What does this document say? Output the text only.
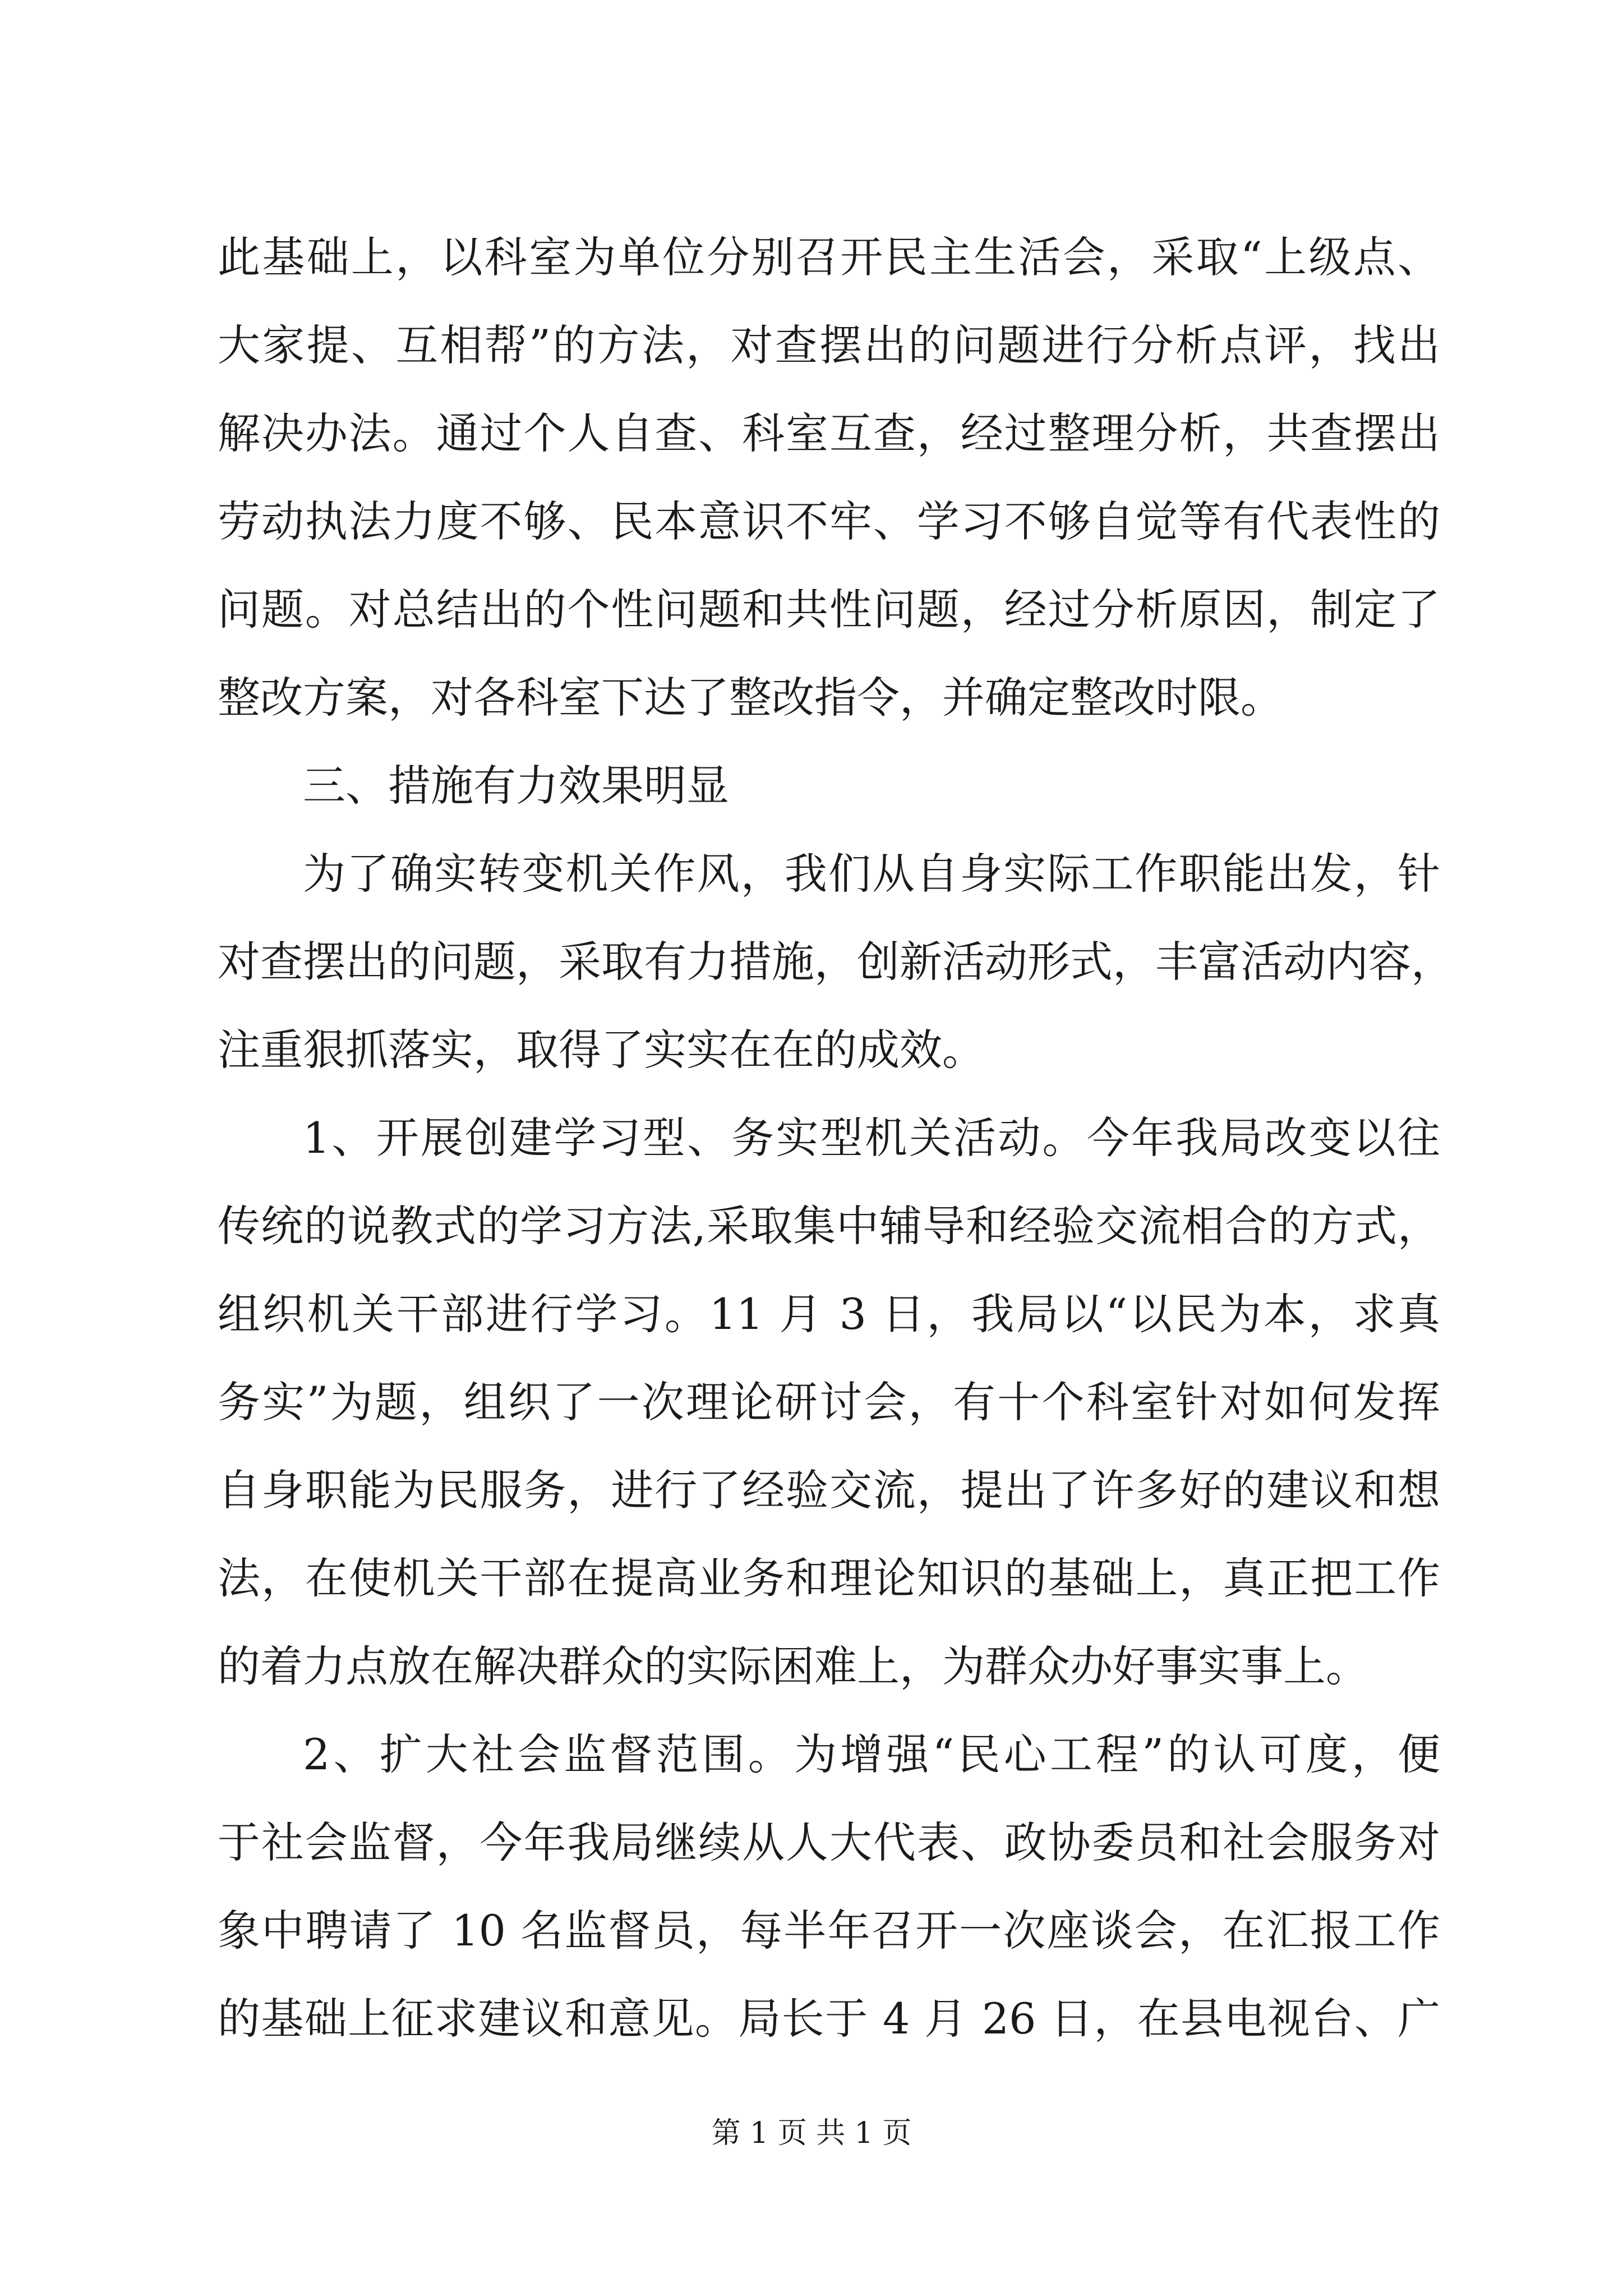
此基础上，以科室为单位分别召开民主生活会，采取“上级点、
大家提、互相帮”的方法，对查摆出的问题进行分析点评，找出
解决办法。通过个人自查、科室互查，经过整理分析，共查摆出
劳动执法力度不够、民本意识不牢、学习不够自觉等有代表性的
问题。对总结出的个性问题和共性问题，经过分析原因，制定了
整改方案，对各科室下达了整改指令，并确定整改时限。
三、措施有力效果明显
为了确实转变机关作风，我们从自身实际工作职能出发，针
对查摆出的问题，采取有力措施，创新活动形式，丰富活动内容，
注重狠抓落实，取得了实实在在的成效。
1、开展创建学习型、务实型机关活动。今年我局改变以往
传统的说教式的学习方法,采取集中辅导和经验交流相合的方式，
组织机关干部进行学习。11 月 3 日，我局以“以民为本，求真
务实”为题，组织了一次理论研讨会，有十个科室针对如何发挥
自身职能为民服务，进行了经验交流，提出了许多好的建议和想
法，在使机关干部在提高业务和理论知识的基础上，真正把工作
的着力点放在解决群众的实际困难上，为群众办好事实事上。
2、扩大社会监督范围。为增强“民心工程”的认可度，便
于社会监督，今年我局继续从人大代表、政协委员和社会服务对
象中聘请了 10 名监督员，每半年召开一次座谈会，在汇报工作
的基础上征求建议和意见。局长于 4 月 26 日，在县电视台、广
第 1 页 共 1 页
